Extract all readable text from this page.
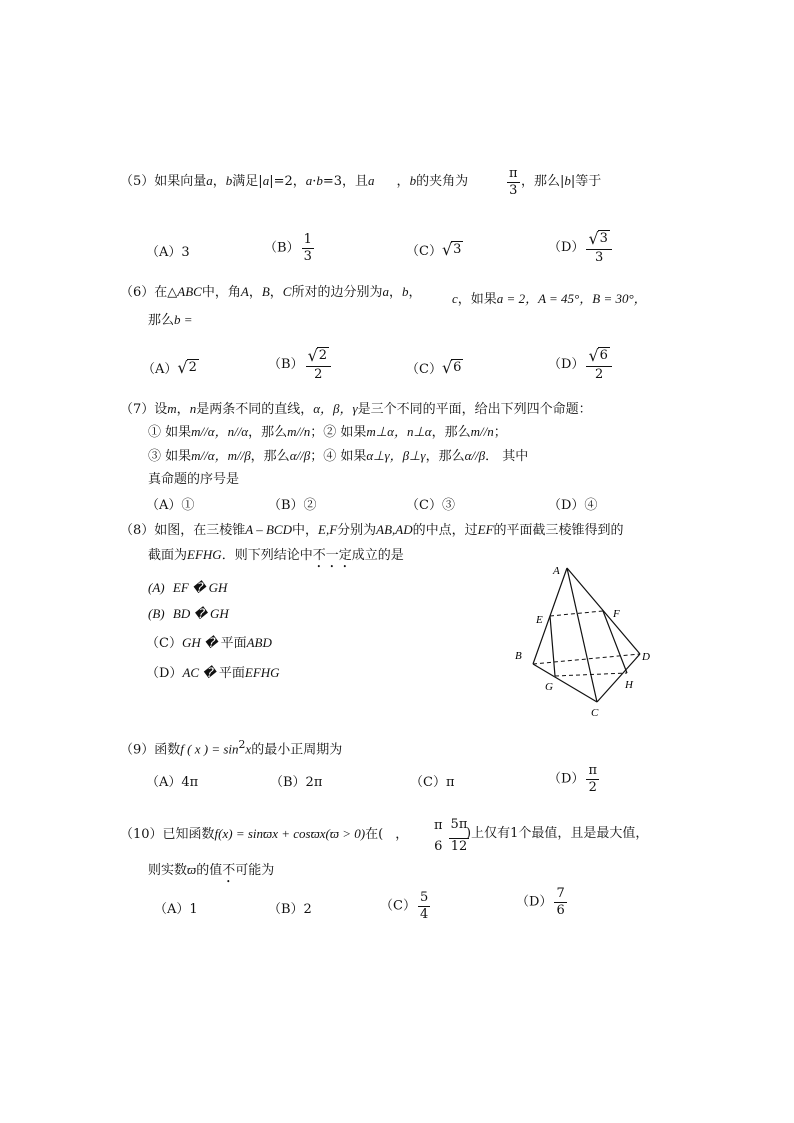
（5）如果向量a，b满足|a|=2，a·b=3，且a ，b的夹角为	$\frac{\pi}{3}$ ，那么|b|等于
（A）3	$(B) \frac{1}{3}$	（C） √ 3	$(D) \frac{√ 3}{3}$
（6）在△ABC中，角A，B，C所对的边分别为a，b， c，如果a = 2，A = 45°，B = 30°，
那么b =
（A） √ 2	$(B) \frac{√ 2}{2}$	（C） √ 6	$(D) \frac{√ 6}{2}$
（7）设m，n是两条不同的直线，α，β，γ是三个不同的平面，给出下列四个命题：
① 如果m//α，n//α，那么m//n；② 如果m⊥α，n⊥α，那么m//n；
③ 如果m//α，m//β，那么α//β；④ 如果α⊥γ，β⊥γ，那么α//β． 其中
真命题的序号是
（A）①	（B）②	（C）③	（D）④
（8）如图，在三棱锥A – BCD中，E,F分别为AB,AD的中点，过EF的平面截三棱锥得到的
截面为EFHG．则下列结论中不一定成立的是
(A) EF � GH
(B) BD � GH
（C）GH � 平面ABD
（D）AC � 平面EFHG
A
E	F
B	D
G	H
C
（9）函数f ( x ) = $\sin^2x$的最小正周期为
（A）4π	（B）2π	（C）π	$(D) \frac{\pi}{2}$
（10）已知函数f(x) = sinϖx + cosϖx(ϖ > 0)在( ，
π
$6 \frac{5\pi}{12}$
)上仅有1个最值，且是最大值，
则实数ϖ的值不可能为
（A）1	（B）2	$(C) \frac{5}{4}$	$(D) \frac{7}{6}$
